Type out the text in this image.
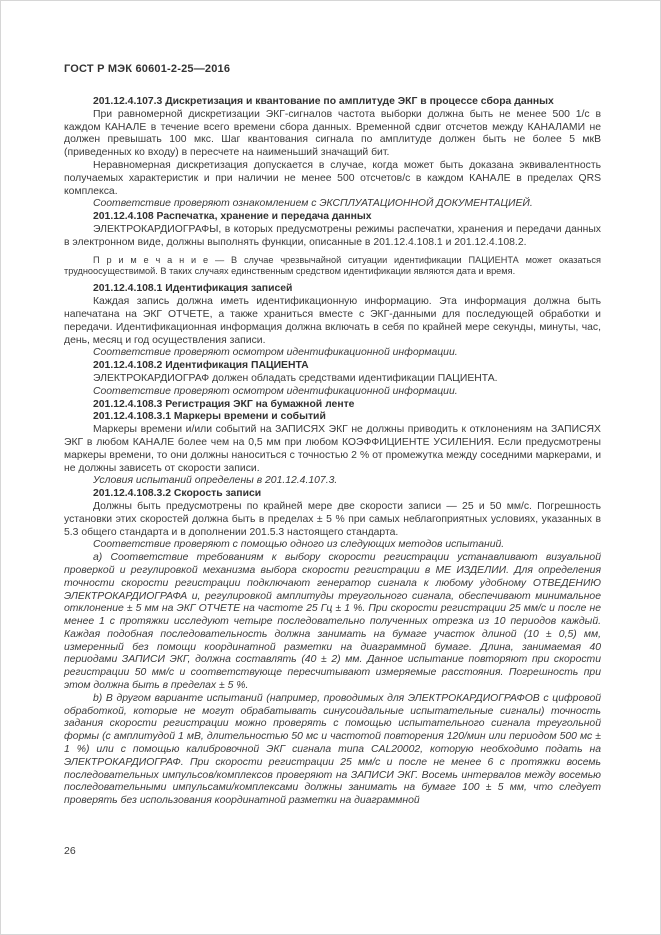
ГОСТ Р МЭК 60601-2-25—2016

201.12.4.107.3 Дискретизация и квантование по амплитуде ЭКГ в процессе сбора данных

При равномерной дискретизации ЭКГ-сигналов частота выборки должна быть не менее 500 1/с в каждом КАНАЛЕ в течение всего времени сбора данных. Временной сдвиг отсчетов между КАНАЛАМИ не должен превышать 100 мкс. Шаг квантования сигнала по амплитуде должен быть не более 5 мкВ (приведенных ко входу) в пересчете на наименьший значащий бит.

Неравномерная дискретизация допускается в случае, когда может быть доказана эквивалентность получаемых характеристик и при наличии не менее 500 отсчетов/с в каждом КАНАЛЕ в пределах QRS комплекса.

Соответствие проверяют ознакомлением с ЭКСПЛУАТАЦИОННОЙ ДОКУМЕНТАЦИЕЙ.

201.12.4.108 Распечатка, хранение и передача данных

ЭЛЕКТРОКАРДИОГРАФЫ, в которых предусмотрены режимы распечатки, хранения и передачи данных в электронном виде, должны выполнять функции, описанные в 201.12.4.108.1 и 201.12.4.108.2.

П р и м е ч а н и е — В случае чрезвычайной ситуации идентификации ПАЦИЕНТА может оказаться трудноосуществимой. В таких случаях единственным средством идентификации являются дата и время.

201.12.4.108.1 Идентификация записей

Каждая запись должна иметь идентификационную информацию. Эта информация должна быть напечатана на ЭКГ ОТЧЕТЕ, а также храниться вместе с ЭКГ-данными для последующей обработки и передачи. Идентификационная информация должна включать в себя по крайней мере секунды, минуты, час, день, месяц и год осуществления записи.

Соответствие проверяют осмотром идентификационной информации.

201.12.4.108.2 Идентификация ПАЦИЕНТА

ЭЛЕКТРОКАРДИОГРАФ должен обладать средствами идентификации ПАЦИЕНТА.

Соответствие проверяют осмотром идентификационной информации.

201.12.4.108.3 Регистрация ЭКГ на бумажной ленте

201.12.4.108.3.1 Маркеры времени и событий

Маркеры времени и/или событий на ЗАПИСЯХ ЭКГ не должны приводить к отклонениям на ЗАПИСЯХ ЭКГ в любом КАНАЛЕ более чем на 0,5 мм при любом КОЭФФИЦИЕНТЕ УСИЛЕНИЯ. Если предусмотрены маркеры времени, то они должны наноситься с точностью 2 % от промежутка между соседними маркерами, и не должны зависеть от скорости записи.

Условия испытаний определены в 201.12.4.107.3.

201.12.4.108.3.2 Скорость записи

Должны быть предусмотрены по крайней мере две скорости записи — 25 и 50 мм/с. Погрешность установки этих скоростей должна быть в пределах ± 5 % при самых неблагоприятных условиях, указанных в 5.3 общего стандарта и в дополнении 201.5.3 настоящего стандарта.

Соответствие проверяют с помощью одного из следующих методов испытаний.

а) Соответствие требованиям к выбору скорости регистрации устанавливают визуальной проверкой и регулировкой механизма выбора скорости регистрации в МЕ ИЗДЕЛИИ. Для определения точности скорости регистрации подключают генератор сигнала к любому удобному ОТВЕДЕНИЮ ЭЛЕКТРОКАРДИОГРАФА и, регулировкой амплитуды треугольного сигнала, обеспечивают минимальное отклонение ± 5 мм на ЭКГ ОТЧЕТЕ на частоте 25 Гц ± 1 %. При скорости регистрации 25 мм/с и после не менее 1 с протяжки исследуют четыре последовательно полученных отрезка из 10 периодов каждый. Каждая подобная последовательность должна занимать на бумаге участок длиной (10 ± 0,5) мм, измеренный без помощи координатной разметки на диаграммной бумаге. Длина, занимаемая 40 периодами ЗАПИСИ ЭКГ, должна составлять (40 ± 2) мм. Данное испытание повторяют при скорости регистрации 50 мм/с и соответствующе пересчитывают измеряемые расстояния. Погрешность при этом должна быть в пределах ± 5 %.

b) В другом варианте испытаний (например, проводимых для ЭЛЕКТРОКАРДИОГРАФОВ с цифровой обработкой, которые не могут обрабатывать синусоидальные испытательные сигналы) точность задания скорости регистрации можно проверять с помощью испытательного сигнала треугольной формы (с амплитудой 1 мВ, длительностью 50 мс и частотой повторения 120/мин или периодом 500 мс ± 1 %) или с помощью калибровочной ЭКГ сигнала типа CAL20002, которую необходимо подать на ЭЛЕКТРОКАРДИОГРАФ. При скорости регистрации 25 мм/с и после не менее 6 с протяжки восемь последовательных импульсов/комплексов проверяют на ЗАПИСИ ЭКГ. Восемь интервалов между восемью последовательными импульсами/комплексами должны занимать на бумаге 100 ± 5 мм, что следует проверять без использования координатной разметки на диаграммной

26
